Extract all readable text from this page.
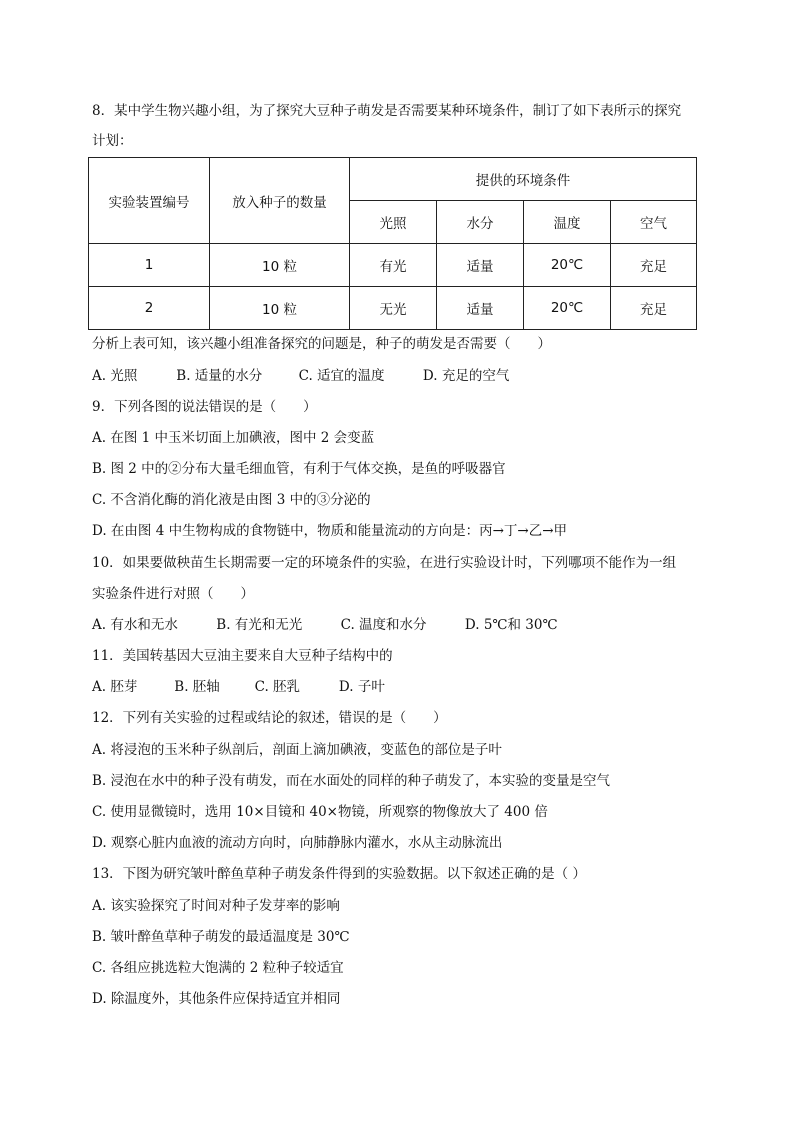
8．某中学生物兴趣小组，为了探究大豆种子萌发是否需要某种环境条件，制订了如下表所示的探究
计划：
实验装置编号	放入种子的数量	提供的环境条件			
		光照	水分	温度	空气
1	10 粒	有光	适量	20℃	充足
2	10 粒	无光	适量	20℃	充足
分析上表可知，该兴趣小组准备探究的问题是，种子的萌发是否需要（　　）
A. 光照	B. 适量的水分	C. 适宜的温度	D. 充足的空气
9．下列各图的说法错误的是（　　）
A. 在图 1 中玉米切面上加碘液，图中 2 会变蓝
B. 图 2 中的②分布大量毛细血管，有利于气体交换，是鱼的呼吸器官
C. 不含消化酶的消化液是由图 3 中的③分泌的
D. 在由图 4 中生物构成的食物链中，物质和能量流动的方向是：丙→丁→乙→甲
10．如果要做秧苗生长期需要一定的环境条件的实验，在进行实验设计时，下列哪项不能作为一组
实验条件进行对照（　　）
A. 有水和无水	B. 有光和无光	C. 温度和水分	D. 5℃和 30℃
11．美国转基因大豆油主要来自大豆种子结构中的
A. 胚芽	B. 胚轴	C. 胚乳	D. 子叶
12．下列有关实验的过程或结论的叙述，错误的是（　　）
A. 将浸泡的玉米种子纵剖后，剖面上滴加碘液，变蓝色的部位是子叶
B. 浸泡在水中的种子没有萌发，而在水面处的同样的种子萌发了，本实验的变量是空气
C. 使用显微镜时，选用 10×目镜和 40×物镜，所观察的物像放大了 400 倍
D. 观察心脏内血液的流动方向时，向肺静脉内灌水，水从主动脉流出
13．下图为研究皱叶醉鱼草种子萌发条件得到的实验数据。以下叙述正确的是（ ）
A. 该实验探究了时间对种子发芽率的影响
B. 皱叶醉鱼草种子萌发的最适温度是 30℃
C. 各组应挑选粒大饱满的 2 粒种子较适宜
D. 除温度外，其他条件应保持适宜并相同
